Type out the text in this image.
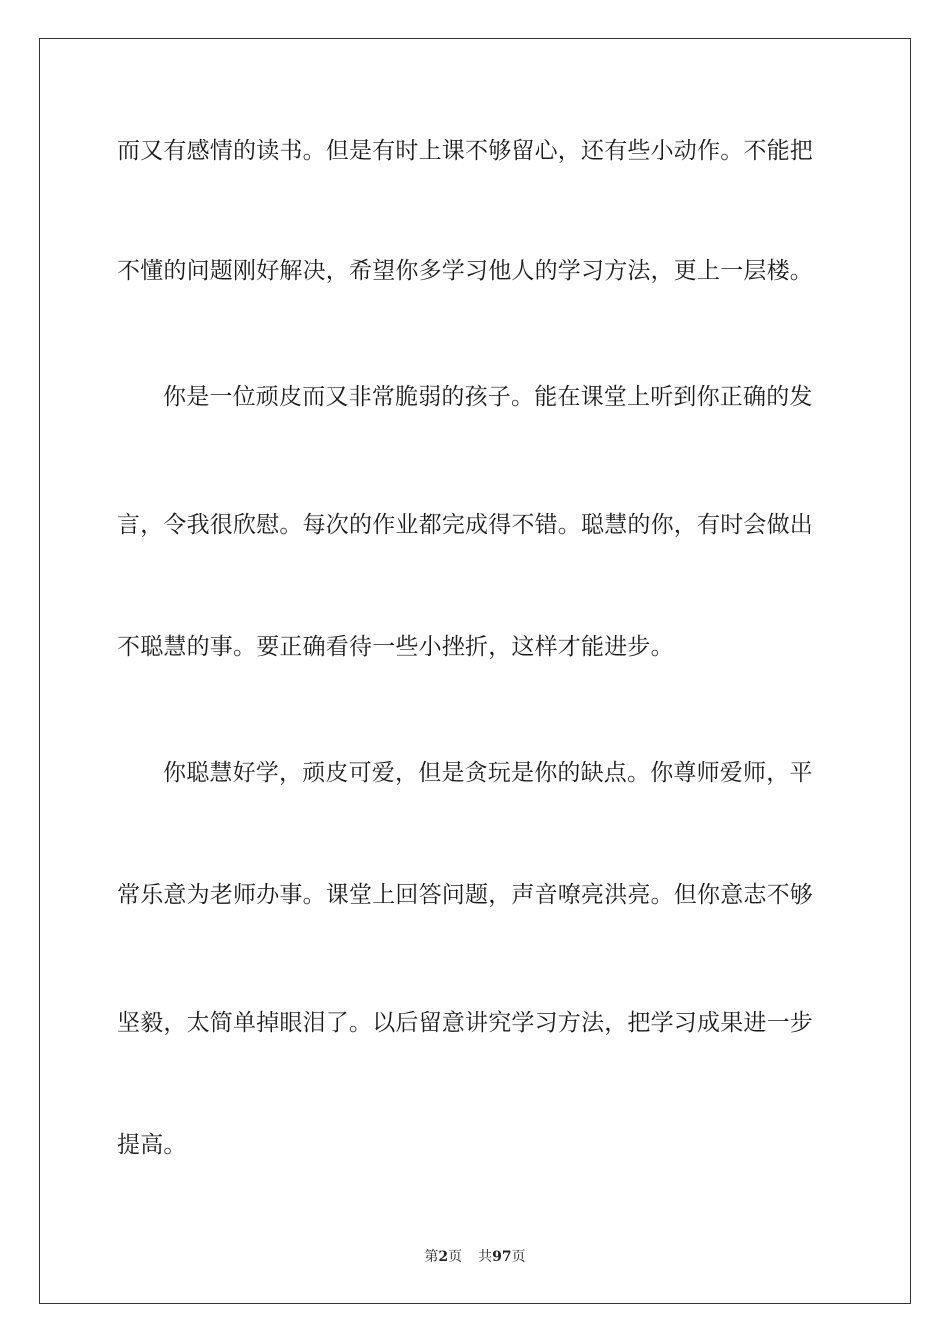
而又有感情的读书。但是有时上课不够留心，还有些小动作。不能把
不懂的问题刚好解决，希望你多学习他人的学习方法，更上一层楼。
你是一位顽皮而又非常脆弱的孩子。能在课堂上听到你正确的发
言，令我很欣慰。每次的作业都完成得不错。聪慧的你，有时会做出
不聪慧的事。要正确看待一些小挫折，这样才能进步。
你聪慧好学，顽皮可爱，但是贪玩是你的缺点。你尊师爱师，平
常乐意为老师办事。课堂上回答问题，声音嘹亮洪亮。但你意志不够
坚毅，太简单掉眼泪了。以后留意讲究学习方法，把学习成果进一步
提高。
第2页 共97页
